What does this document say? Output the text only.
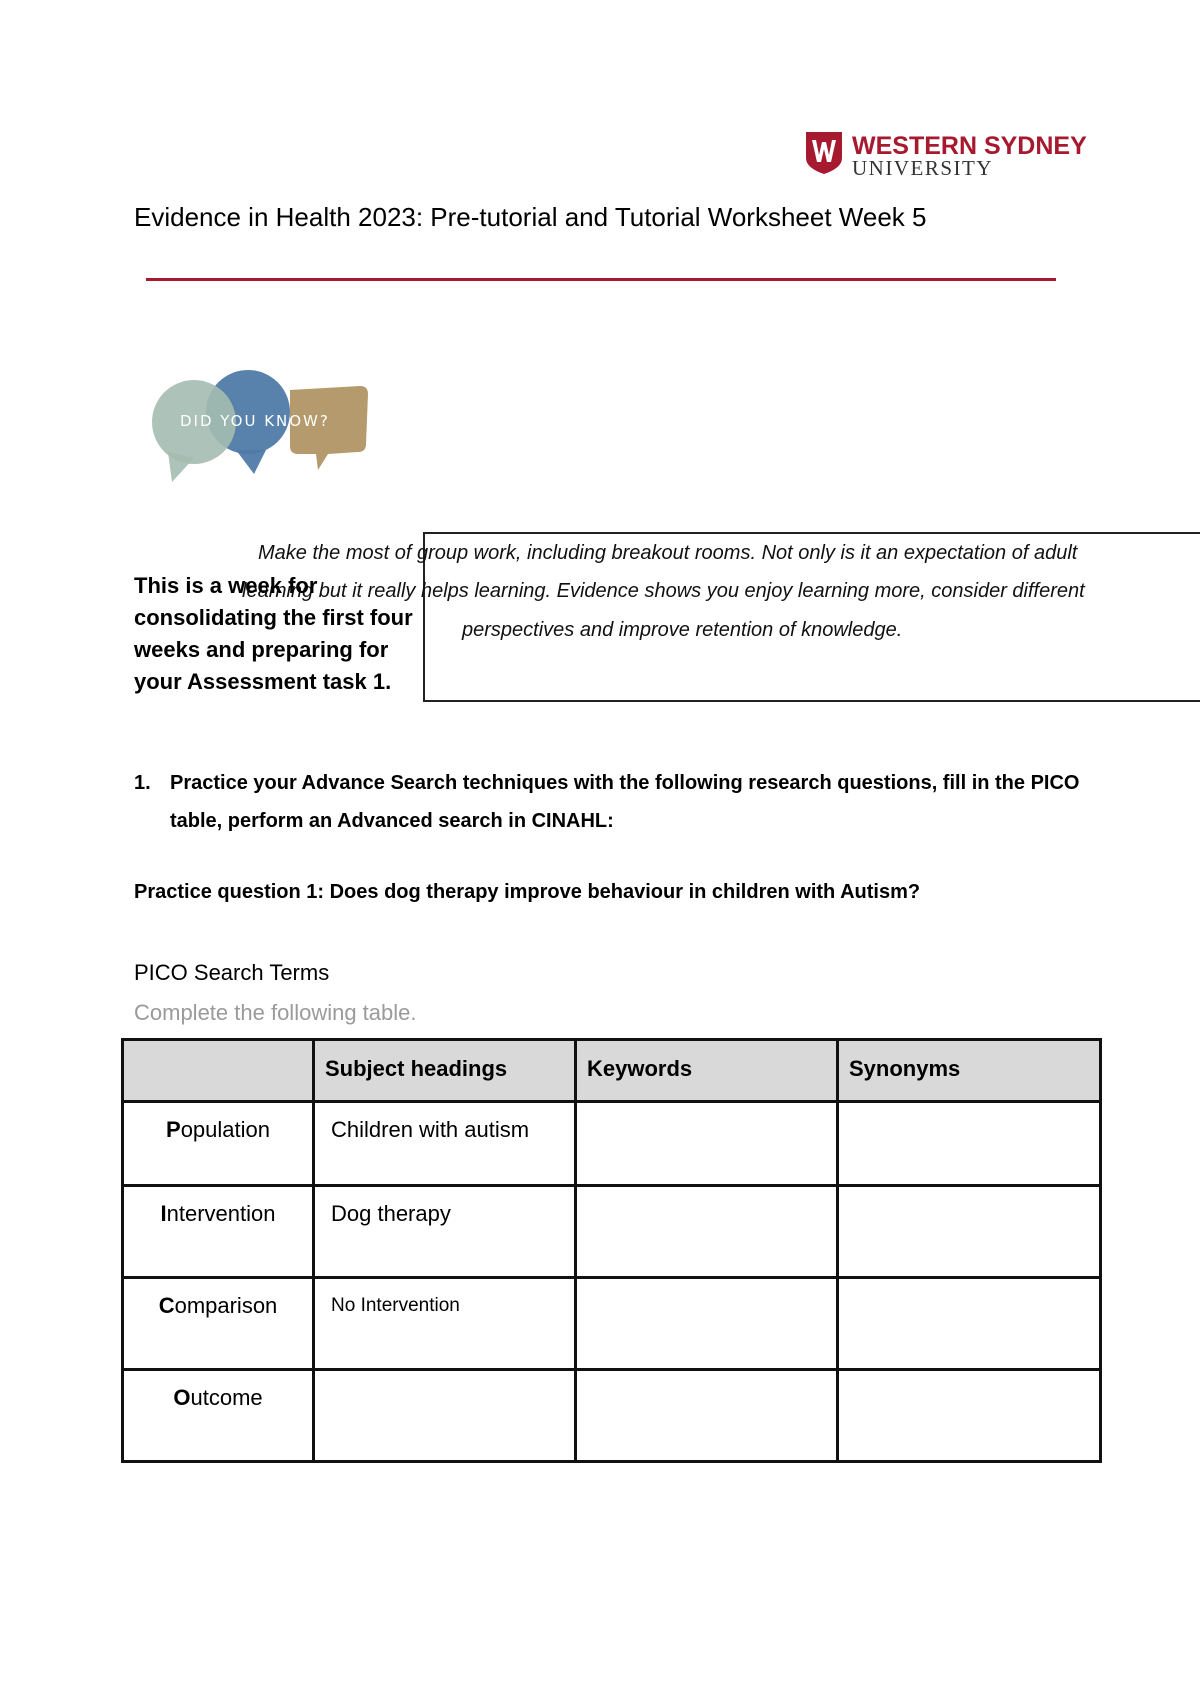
WESTERN SYDNEY
UNIVERSITY
Evidence in Health 2023: Pre-tutorial and Tutorial Worksheet Week 5
DID YOU KNOW?
Make the most of group work, including breakout rooms. Not only is it an expectation of adult
learning but it really helps learning. Evidence shows you enjoy learning more, consider different
perspectives and improve retention of knowledge.
This is a week for consolidating the first four weeks and preparing for your Assessment task 1.
1. Practice your Advance Search techniques with the following research questions, fill in the PICO table, perform an Advanced search in CINAHL:
Practice question 1: Does dog therapy improve behaviour in children with Autism?
PICO Search Terms
Complete the following table.
	Subject headings	Keywords	Synonyms
Population	Children with autism		
Intervention	Dog therapy		
Comparison	No Intervention		
Outcome			
